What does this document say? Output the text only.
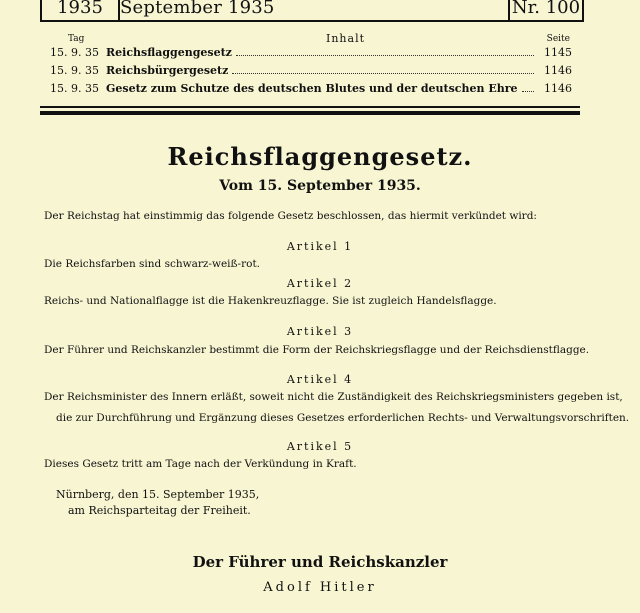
1935 September 1935	Nr. 100
Tag	Inhalt	Seite
15. 9. 35 Reichsflaggengesetz	1145
15. 9. 35 Reichsbürgergesetz	1146
15. 9. 35 Gesetz zum Schutze des deutschen Blutes und der deutschen Ehre	1146
Reichsflaggengesetz.
Vom 15. September 1935.
Der Reichstag hat einstimmig das folgende Gesetz beschlossen, das hiermit verkündet wird:
Artikel 1
Die Reichsfarben sind schwarz-weiß-rot.
Artikel 2
Reichs- und Nationalflagge ist die Hakenkreuzflagge. Sie ist zugleich Handelsflagge.
Artikel 3
Der Führer und Reichskanzler bestimmt die Form der Reichskriegsflagge und der Reichsdienstflagge.
Artikel 4
Der Reichsminister des Innern erläßt, soweit nicht die Zuständigkeit des Reichskriegsministers gegeben ist,
die zur Durchführung und Ergänzung dieses Gesetzes erforderlichen Rechts- und Verwaltungsvorschriften.
Artikel 5
Dieses Gesetz tritt am Tage nach der Verkündung in Kraft.
Nürnberg, den 15. September 1935,
am Reichsparteitag der Freiheit.
Der Führer und Reichskanzler
Adolf Hitler
